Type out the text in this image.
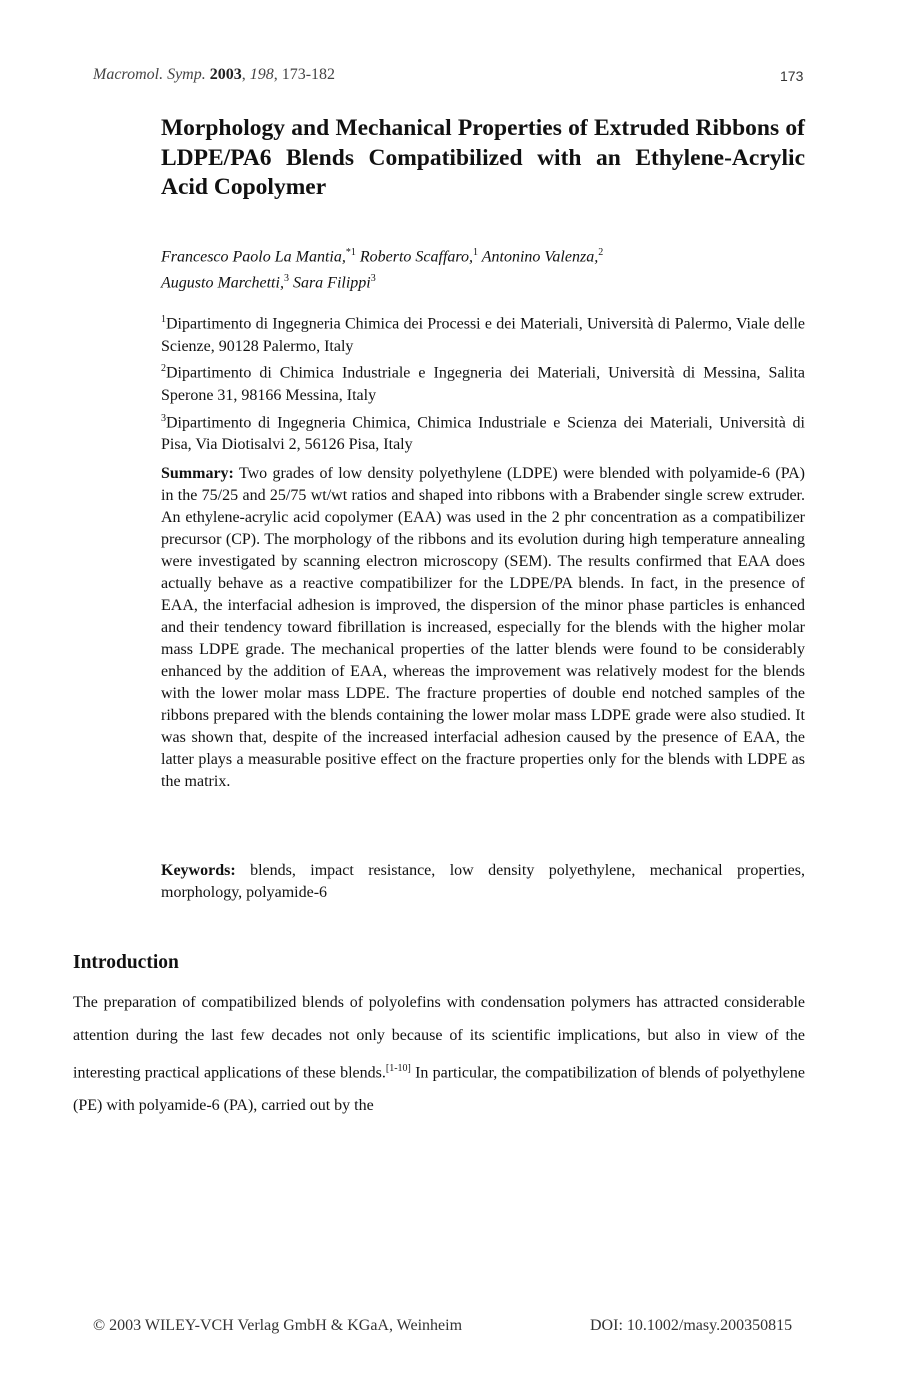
Macromol. Symp. 2003, 198, 173-182	173
Morphology and Mechanical Properties of Extruded Ribbons of LDPE/PA6 Blends Compatibilized with an Ethylene-Acrylic Acid Copolymer
Francesco Paolo La Mantia,$^{*1}$ Roberto Scaffaro,$^1$ Antonino Valenza,$^2$
Augusto Marchetti,$^3$ Sara Filippi$^3$

$^1$Dipartimento di Ingegneria Chimica dei Processi e dei Materiali, Università di Palermo, Viale delle Scienze, 90128 Palermo, Italy

$^2$Dipartimento di Chimica Industriale e Ingegneria dei Materiali, Università di Messina, Salita Sperone 31, 98166 Messina, Italy

$^3$Dipartimento di Ingegneria Chimica, Chimica Industriale e Scienza dei Materiali, Università di Pisa, Via Diotisalvi 2, 56126 Pisa, Italy

Summary: Two grades of low density polyethylene (LDPE) were blended with polyamide-6 (PA) in the 75/25 and 25/75 wt/wt ratios and shaped into ribbons with a Brabender single screw extruder. An ethylene-acrylic acid copolymer (EAA) was used in the 2 phr concentration as a compatibilizer precursor (CP). The morphology of the ribbons and its evolution during high temperature annealing were investigated by scanning electron microscopy (SEM). The results confirmed that EAA does actually behave as a reactive compatibilizer for the LDPE/PA blends. In fact, in the presence of EAA, the interfacial adhesion is improved, the dispersion of the minor phase particles is enhanced and their tendency toward fibrillation is increased, especially for the blends with the higher molar mass LDPE grade. The mechanical properties of the latter blends were found to be considerably enhanced by the addition of EAA, whereas the improvement was relatively modest for the blends with the lower molar mass LDPE. The fracture properties of double end notched samples of the ribbons prepared with the blends containing the lower molar mass LDPE grade were also studied. It was shown that, despite of the increased interfacial adhesion caused by the presence of EAA, the latter plays a measurable positive effect on the fracture properties only for the blends with LDPE as the matrix.

Keywords: blends, impact resistance, low density polyethylene, mechanical properties, morphology, polyamide-6

Introduction

The preparation of compatibilized blends of polyolefins with condensation polymers has attracted considerable attention during the last few decades not only because of its scientific implications, but also in view of the interesting practical applications of these blends.[1-10] In particular, the compatibilization of blends of polyethylene (PE) with polyamide-6 (PA), carried out by the

© 2003 WILEY-VCH Verlag GmbH & KGaA, Weinheim	DOI: 10.1002/masy.200350815
